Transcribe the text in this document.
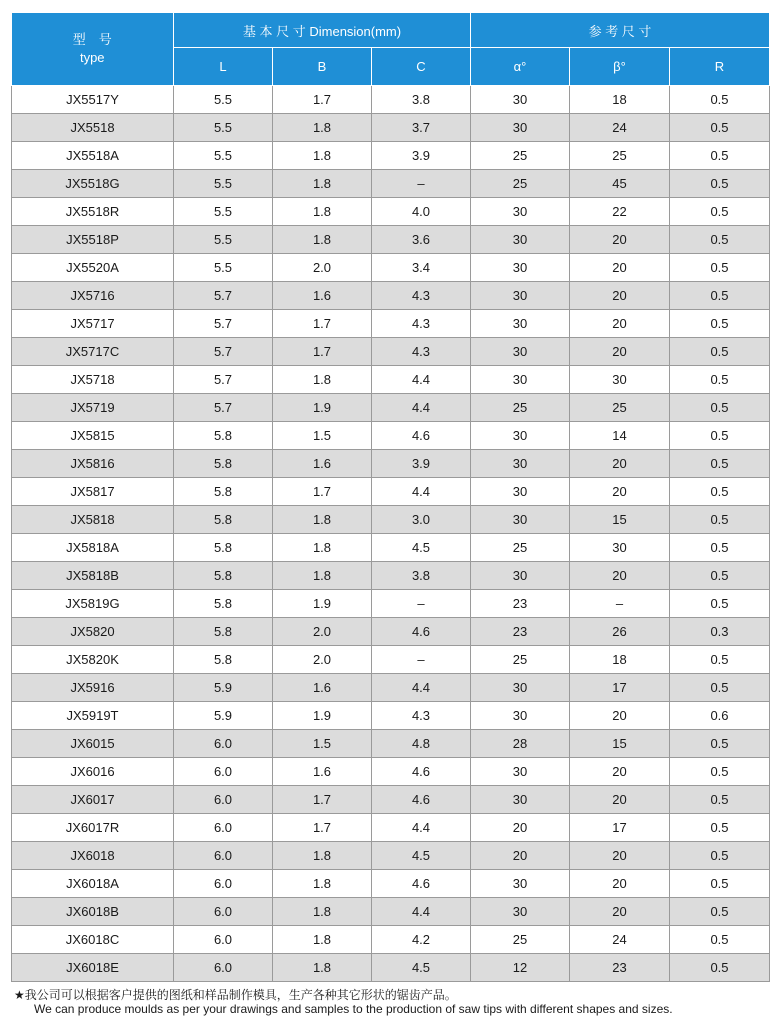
型　号
type	基 本 尺 寸 Dimension(mm)			参 考 尺 寸		
	L	B	C	α°	β°	R
JX5517Y	5.5	1.7	3.8	30	18	0.5
JX5518	5.5	1.8	3.7	30	24	0.5
JX5518A	5.5	1.8	3.9	25	25	0.5
JX5518G	5.5	1.8	–	25	45	0.5
JX5518R	5.5	1.8	4.0	30	22	0.5
JX5518P	5.5	1.8	3.6	30	20	0.5
JX5520A	5.5	2.0	3.4	30	20	0.5
JX5716	5.7	1.6	4.3	30	20	0.5
JX5717	5.7	1.7	4.3	30	20	0.5
JX5717C	5.7	1.7	4.3	30	20	0.5
JX5718	5.7	1.8	4.4	30	30	0.5
JX5719	5.7	1.9	4.4	25	25	0.5
JX5815	5.8	1.5	4.6	30	14	0.5
JX5816	5.8	1.6	3.9	30	20	0.5
JX5817	5.8	1.7	4.4	30	20	0.5
JX5818	5.8	1.8	3.0	30	15	0.5
JX5818A	5.8	1.8	4.5	25	30	0.5
JX5818B	5.8	1.8	3.8	30	20	0.5
JX5819G	5.8	1.9	–	23	–	0.5
JX5820	5.8	2.0	4.6	23	26	0.3
JX5820K	5.8	2.0	–	25	18	0.5
JX5916	5.9	1.6	4.4	30	17	0.5
JX5919T	5.9	1.9	4.3	30	20	0.6
JX6015	6.0	1.5	4.8	28	15	0.5
JX6016	6.0	1.6	4.6	30	20	0.5
JX6017	6.0	1.7	4.6	30	20	0.5
JX6017R	6.0	1.7	4.4	20	17	0.5
JX6018	6.0	1.8	4.5	20	20	0.5
JX6018A	6.0	1.8	4.6	30	20	0.5
JX6018B	6.0	1.8	4.4	30	20	0.5
JX6018C	6.0	1.8	4.2	25	24	0.5
JX6018E	6.0	1.8	4.5	12	23	0.5
★我公司可以根据客户提供的图纸和样品制作模具，生产各种其它形状的锯齿产品。
We can produce moulds as per your drawings and samples to the production of saw tips with different shapes and sizes.
